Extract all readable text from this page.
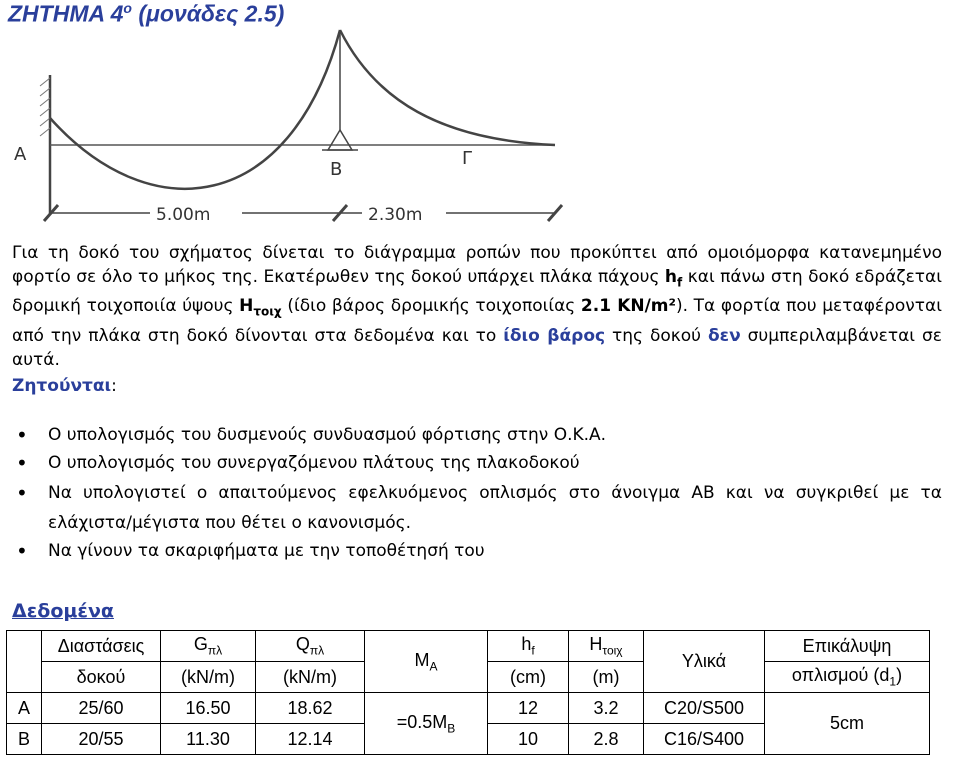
ΖΗΤΗΜΑ $4^o$ (μονάδες 2.5)
Α
Β
Γ
5.00m	2.30m

Για τη δοκό του σχήματος δίνεται το διάγραμμα ροπών που προκύπτει από ομοιόμορφα κατανεμημένο φορτίο σε όλο το μήκος της. Εκατέρωθεν της δοκού υπάρχει πλάκα πάχους $h_f$ και πάνω στη δοκό εδράζεται δρομική τοιχοποιία ύψους $H_{\tau o\iota\chi}$ (ίδιο βάρος δρομικής τοιχοποιίας 2.1 KN/m²). Τα φορτία που μεταφέρονται από την πλάκα στη δοκό δίνονται στα δεδομένα και το ίδιο βάρος της δοκού δεν συμπεριλαμβάνεται σε αυτά.

Ζητούνται:

• Ο υπολογισμός του δυσμενούς συνδυασμού φόρτισης στην Ο.Κ.Α.
• Ο υπολογισμός του συνεργαζόμενου πλάτους της πλακοδοκού
• Να υπολογιστεί ο απαιτούμενος εφελκυόμενος οπλισμός στο άνοιγμα ΑΒ και να συγκριθεί με τα ελάχιστα/μέγιστα που θέτει ο κανονισμός.
• Να γίνουν τα σκαριφήματα με την τοποθέτησή του
Δεδομένα
	Διαστάσεις	$G_{\pi\lambda}$	$Q_{\pi\lambda}$	$M_A$	$h_f$	$H_{\tau o\iota\chi}$	Υλικά	Επικάλυψη
	δοκού	(kN/m)	(kN/m)		(cm)	(m)		οπλισμού $(d_1)$
Α	25/60	16.50	18.62	$=0.5M_B$	12	3.2	C20/S500	5cm
Β	20/55	11.30	12.14		10	2.8	C16/S400	
